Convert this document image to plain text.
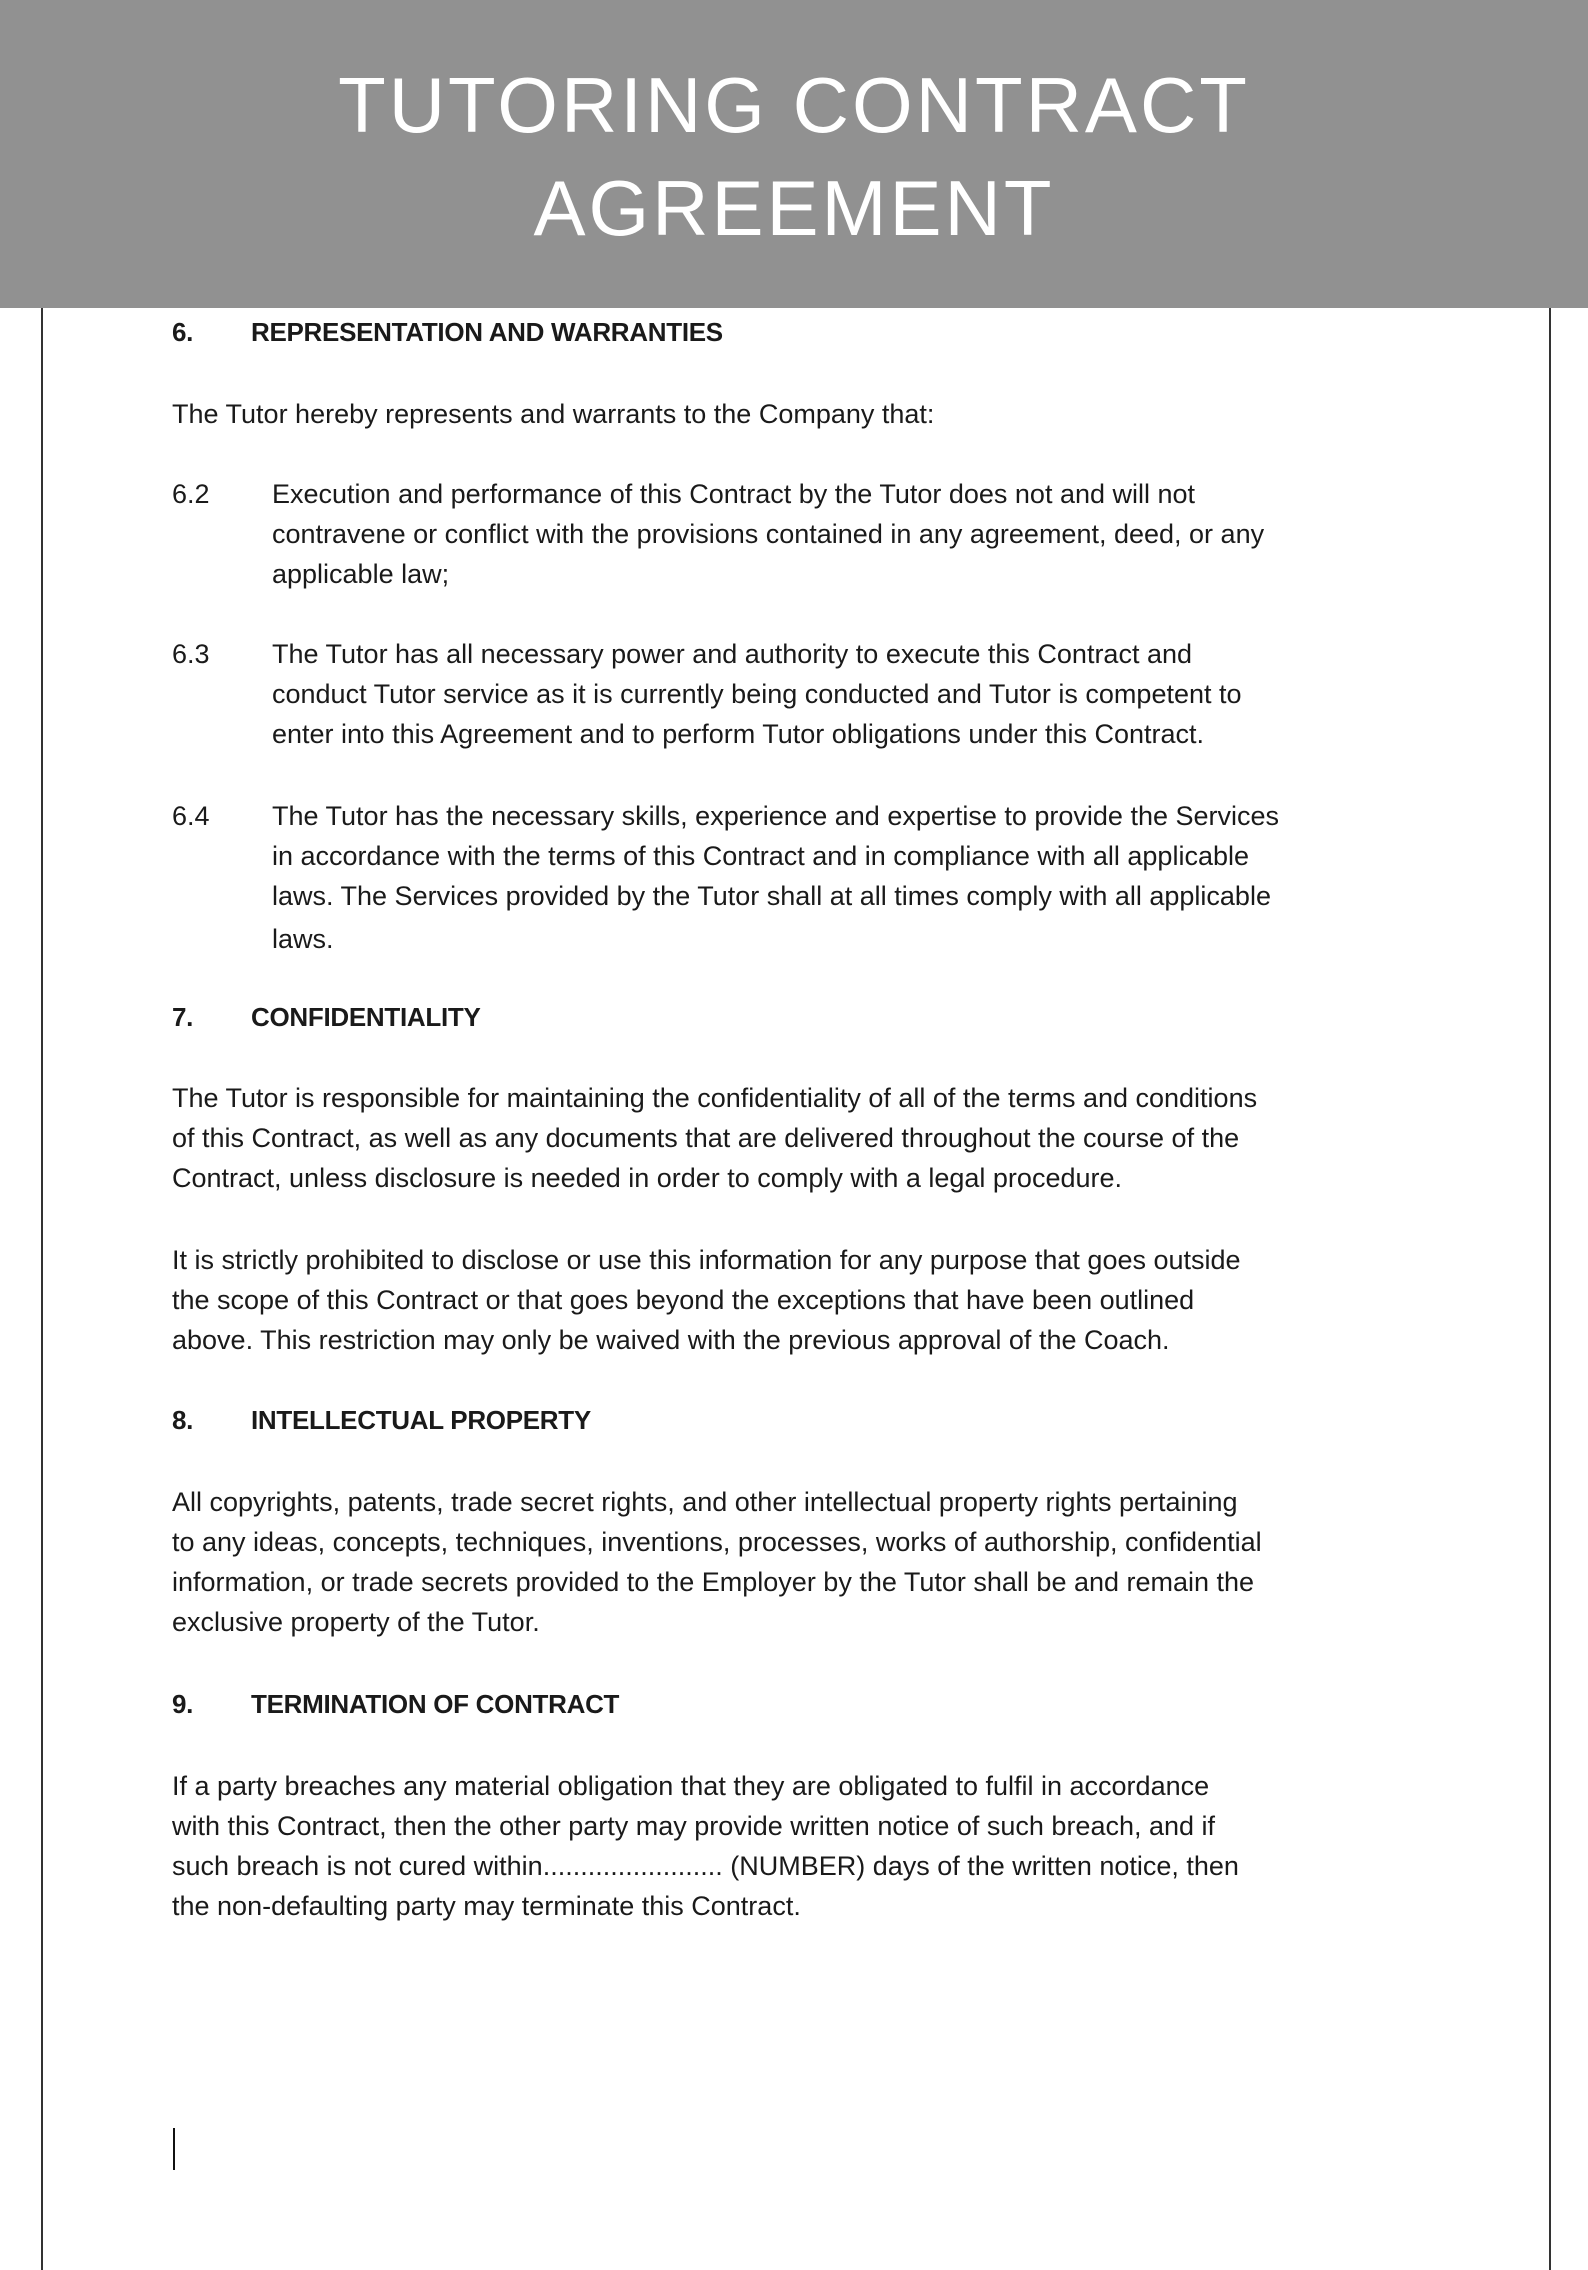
TUTORING CONTRACT
AGREEMENT
6. REPRESENTATION AND WARRANTIES
The Tutor hereby represents and warrants to the Company that:
6.2 Execution and performance of this Contract by the Tutor does not and will not
contravene or conflict with the provisions contained in any agreement, deed, or any
applicable law;
6.3 The Tutor has all necessary power and authority to execute this Contract and
conduct Tutor service as it is currently being conducted and Tutor is competent to
enter into this Agreement and to perform Tutor obligations under this Contract.
6.4 The Tutor has the necessary skills, experience and expertise to provide the Services
in accordance with the terms of this Contract and in compliance with all applicable
laws. The Services provided by the Tutor shall at all times comply with all applicable
laws.
7. CONFIDENTIALITY
The Tutor is responsible for maintaining the confidentiality of all of the terms and conditions
of this Contract, as well as any documents that are delivered throughout the course of the
Contract, unless disclosure is needed in order to comply with a legal procedure.
It is strictly prohibited to disclose or use this information for any purpose that goes outside
the scope of this Contract or that goes beyond the exceptions that have been outlined
above. This restriction may only be waived with the previous approval of the Coach.
8. INTELLECTUAL PROPERTY
All copyrights, patents, trade secret rights, and other intellectual property rights pertaining
to any ideas, concepts, techniques, inventions, processes, works of authorship, confidential
information, or trade secrets provided to the Employer by the Tutor shall be and remain the
exclusive property of the Tutor.
9. TERMINATION OF CONTRACT
If a party breaches any material obligation that they are obligated to fulfil in accordance
with this Contract, then the other party may provide written notice of such breach, and if
such breach is not cured within........................ (NUMBER) days of the written notice, then
the non-defaulting party may terminate this Contract.
